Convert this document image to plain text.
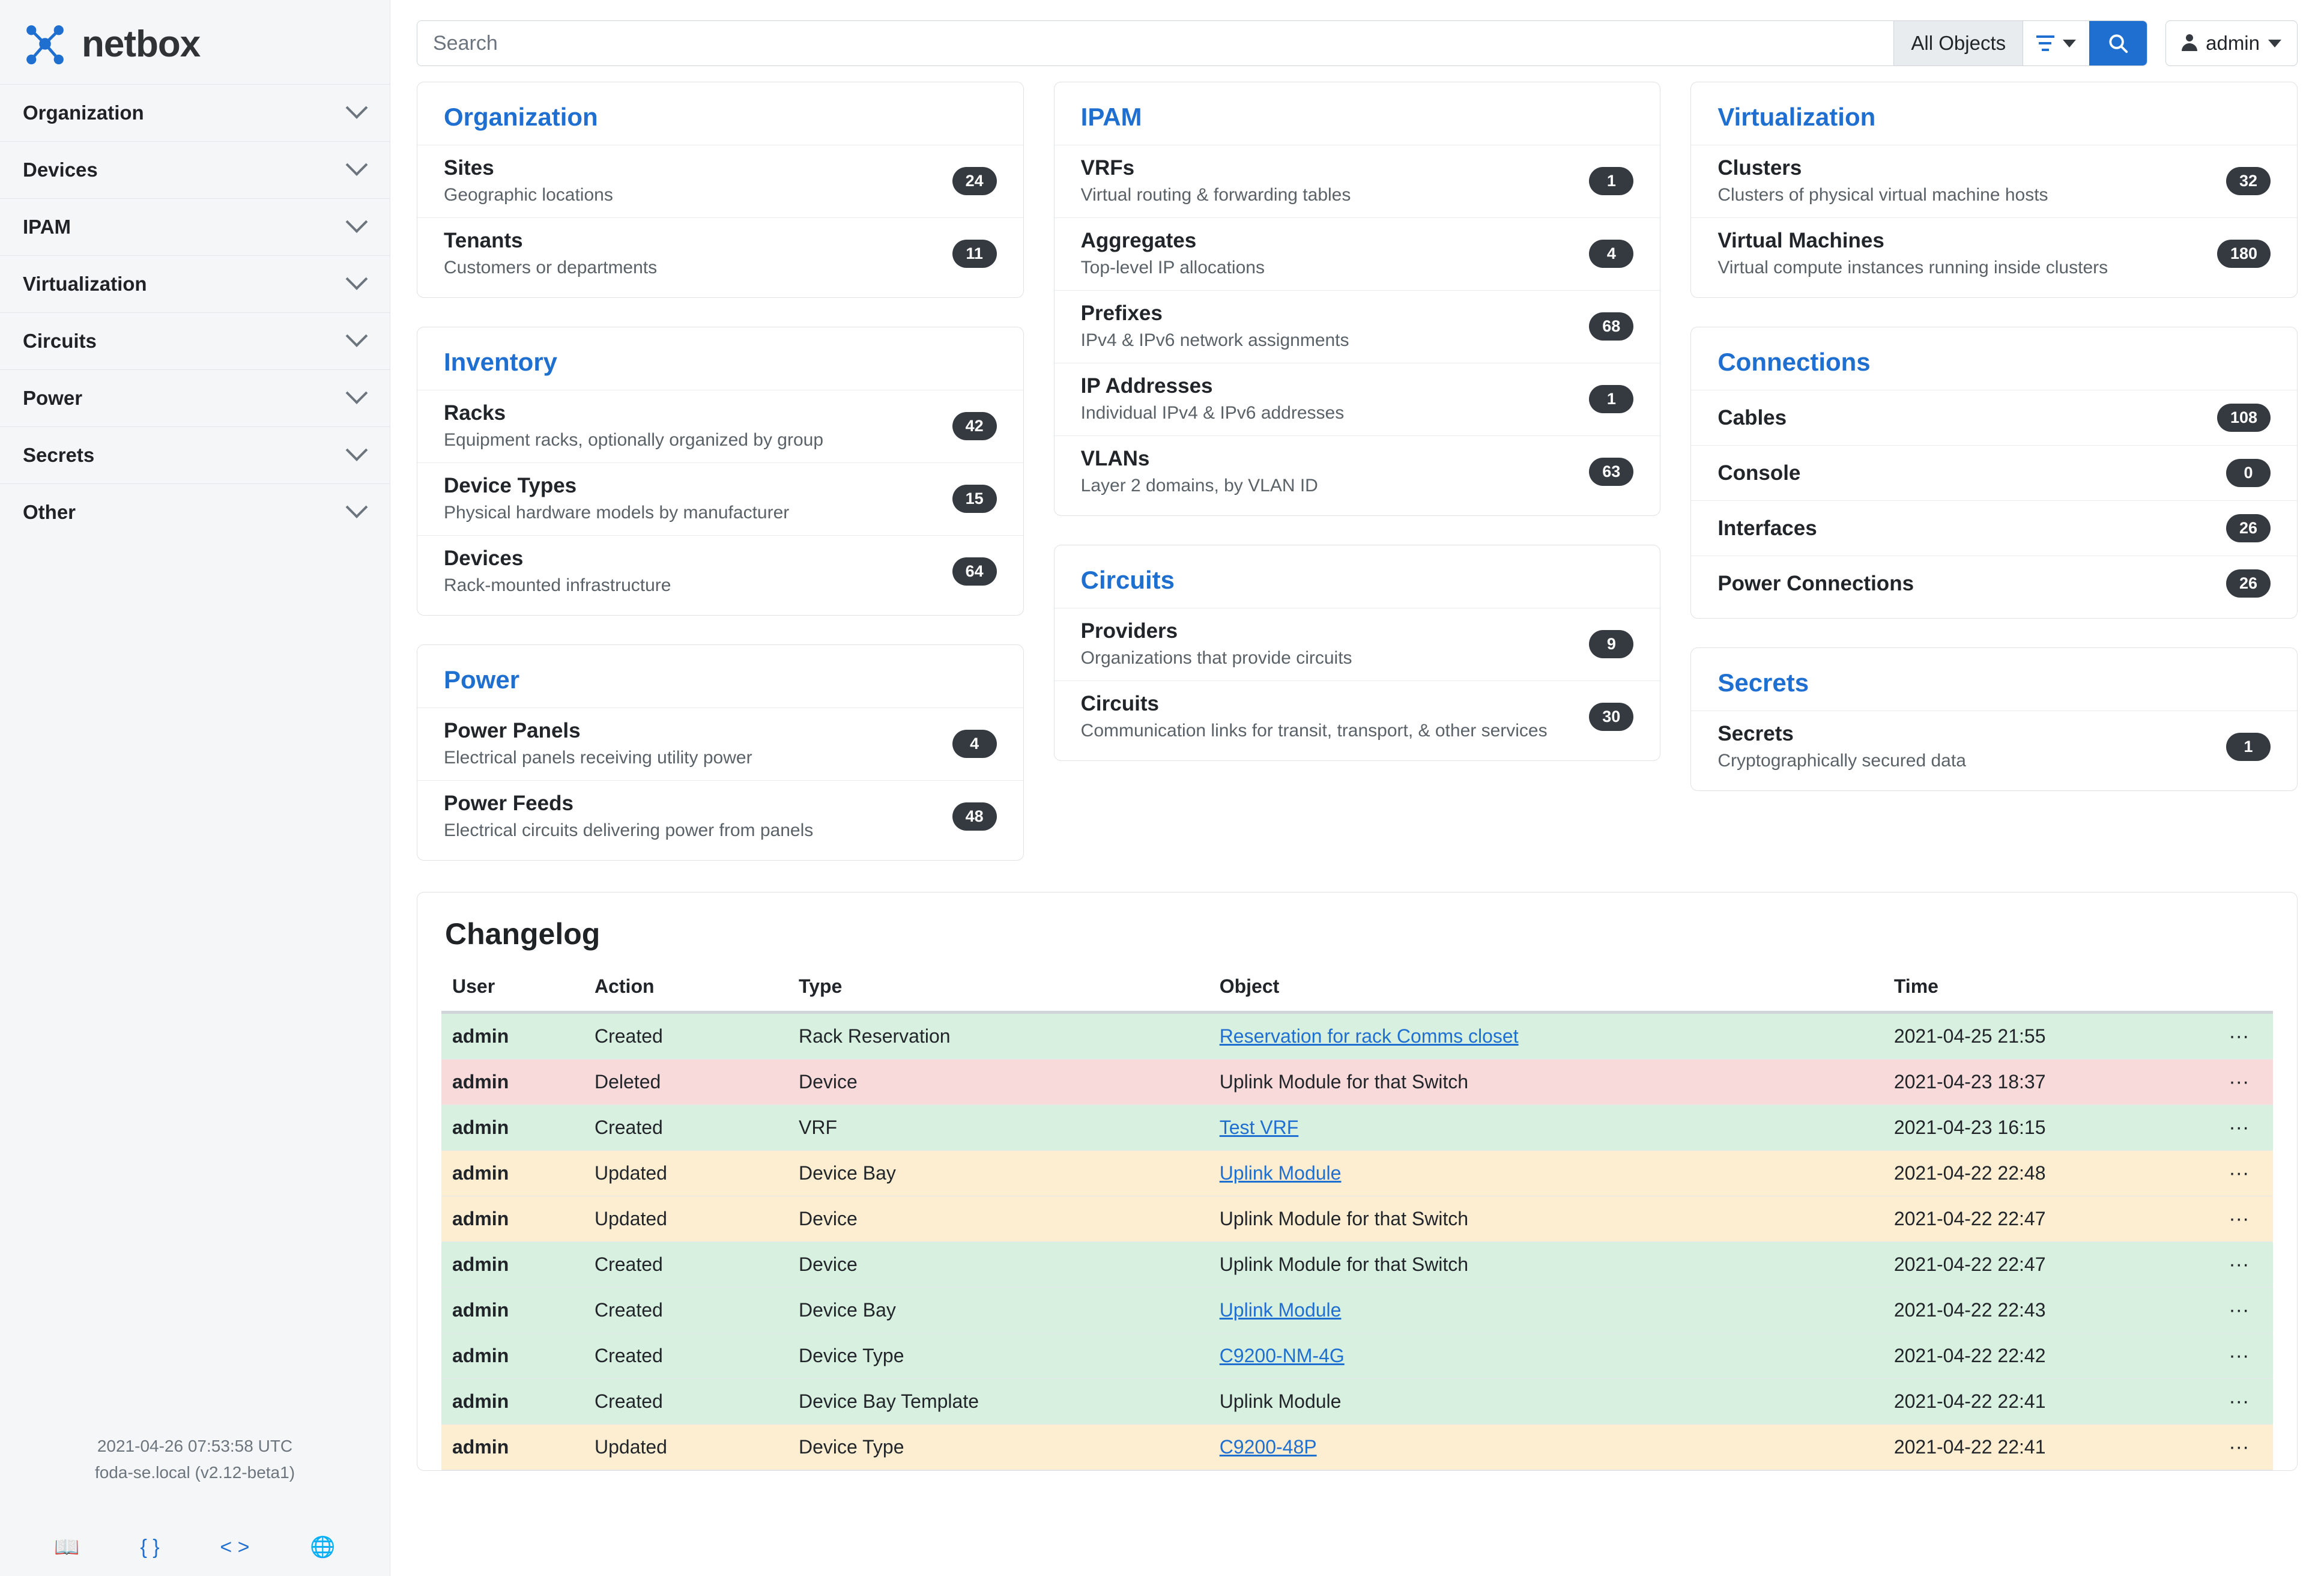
netbox
Organization
Devices
IPAM
Virtualization
Circuits
Power
Secrets
Other
2021-04-26 07:53:58 UTC
foda-se.local (v2.12-beta1)
📖	{ }	< >	🌐
Search
All Objects	admin
Organization
Sites
Geographic locations
24
Tenants
Customers or departments
11
Inventory
Racks
Equipment racks, optionally organized by group
42
Device Types
Physical hardware models by manufacturer
15
Devices
Rack-mounted infrastructure
64
Power
Power Panels
Electrical panels receiving utility power
4
Power Feeds
Electrical circuits delivering power from panels
48
IPAM
VRFs
Virtual routing & forwarding tables
1
Aggregates
Top-level IP allocations
4
Prefixes
IPv4 & IPv6 network assignments
68
IP Addresses
Individual IPv4 & IPv6 addresses
1
VLANs
Layer 2 domains, by VLAN ID
63
Circuits
Providers
Organizations that provide circuits
9
Circuits
Communication links for transit, transport, & other services
30
Virtualization
Clusters
Clusters of physical virtual machine hosts
32
Virtual Machines
Virtual compute instances running inside clusters
180
Connections
Cables	108
Console	0
Interfaces	26
Power Connections	26
Secrets
Secrets
Cryptographically secured data
1
Changelog
User	Action	Type	Object	Time	
admin	Created	Rack Reservation	Reservation for rack Comms closet	2021-04-25 21:55	···
admin	Deleted	Device	Uplink Module for that Switch	2021-04-23 18:37	···
admin	Created	VRF	Test VRF	2021-04-23 16:15	···
admin	Updated	Device Bay	Uplink Module	2021-04-22 22:48	···
admin	Updated	Device	Uplink Module for that Switch	2021-04-22 22:47	···
admin	Created	Device	Uplink Module for that Switch	2021-04-22 22:47	···
admin	Created	Device Bay	Uplink Module	2021-04-22 22:43	···
admin	Created	Device Type	C9200-NM-4G	2021-04-22 22:42	···
admin	Created	Device Bay Template	Uplink Module	2021-04-22 22:41	···
admin	Updated	Device Type	C9200-48P	2021-04-22 22:41	···
